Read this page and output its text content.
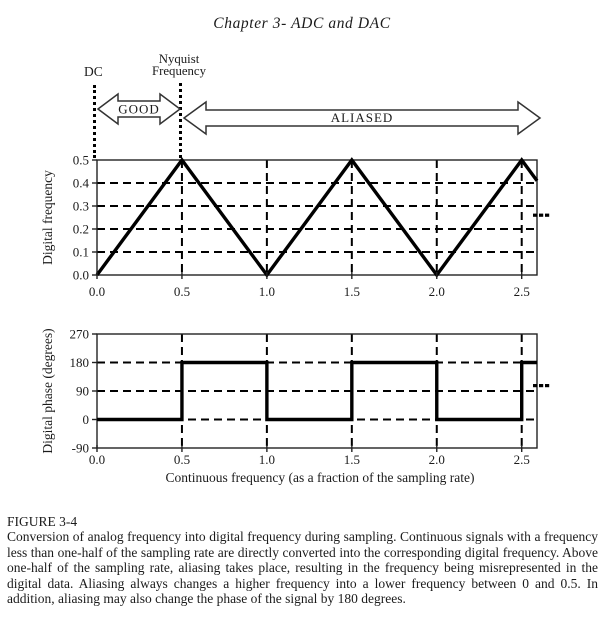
Chapter 3- ADC and DAC
DC
Nyquist
Frequency
GOOD
ALIASED
0.0	0.5	1.0	1.5	2.0	2.5
0.0
0.1
0.2
0.3
0.4
0.5
Digital frequency
0.0	0.5	1.0	1.5	2.0	2.5
-90
0
90
180
270
Digital phase (degrees)
Continuous frequency (as a fraction of the sampling rate)
FIGURE 3-4
Conversion of analog frequency into digital frequency during sampling. Continuous signals with a frequency less than one-half of the sampling rate are directly converted into the corresponding digital frequency. Above one-half of the sampling rate, aliasing takes place, resulting in the frequency being misrepresented in the digital data. Aliasing always changes a higher frequency into a lower frequency between 0 and 0.5. In addition, aliasing may also change the phase of the signal by 180 degrees.
